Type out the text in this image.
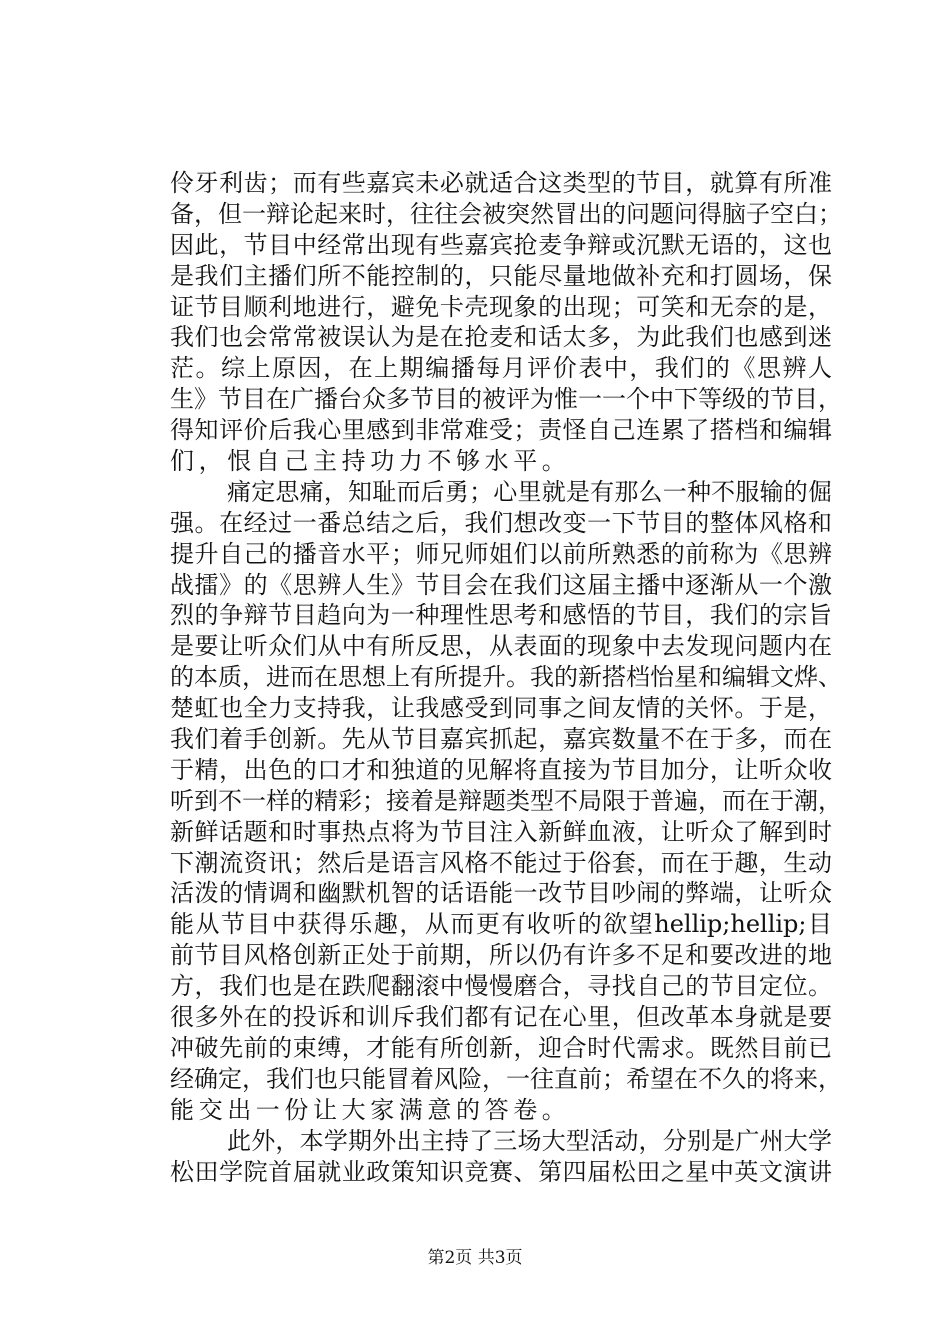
伶牙利齿；而有些嘉宾未必就适合这类型的节目，就算有所准
备，但一辩论起来时，往往会被突然冒出的问题问得脑子空白；
因此，节目中经常出现有些嘉宾抢麦争辩或沉默无语的，这也
是我们主播们所不能控制的，只能尽量地做补充和打圆场，保
证节目顺利地进行，避免卡壳现象的出现；可笑和无奈的是，
我们也会常常被误认为是在抢麦和话太多，为此我们也感到迷
茫。综上原因，在上期编播每月评价表中，我们的《思辨人
生》节目在广播台众多节目的被评为惟一一个中下等级的节目，
得知评价后我心里感到非常难受；责怪自己连累了搭档和编辑
们，恨自己主持功力不够水平。
痛定思痛，知耻而后勇；心里就是有那么一种不服输的倔
强。在经过一番总结之后，我们想改变一下节目的整体风格和
提升自己的播音水平；师兄师姐们以前所熟悉的前称为《思辨
战擂》的《思辨人生》节目会在我们这届主播中逐渐从一个激
烈的争辩节目趋向为一种理性思考和感悟的节目，我们的宗旨
是要让听众们从中有所反思，从表面的现象中去发现问题内在
的本质，进而在思想上有所提升。我的新搭档怡星和编辑文烨、
楚虹也全力支持我，让我感受到同事之间友情的关怀。于是，
我们着手创新。先从节目嘉宾抓起，嘉宾数量不在于多，而在
于精，出色的口才和独道的见解将直接为节目加分，让听众收
听到不一样的精彩；接着是辩题类型不局限于普遍，而在于潮，
新鲜话题和时事热点将为节目注入新鲜血液，让听众了解到时
下潮流资讯；然后是语言风格不能过于俗套，而在于趣，生动
活泼的情调和幽默机智的话语能一改节目吵闹的弊端，让听众
能从节目中获得乐趣，从而更有收听的欲望hellip;hellip;目
前节目风格创新正处于前期，所以仍有许多不足和要改进的地
方，我们也是在跌爬翻滚中慢慢磨合，寻找自己的节目定位。
很多外在的投诉和训斥我们都有记在心里，但改革本身就是要
冲破先前的束缚，才能有所创新，迎合时代需求。既然目前已
经确定，我们也只能冒着风险，一往直前；希望在不久的将来，
能交出一份让大家满意的答卷。
此外，本学期外出主持了三场大型活动，分别是广州大学
松田学院首届就业政策知识竞赛、第四届松田之星中英文演讲
第2页 共3页
